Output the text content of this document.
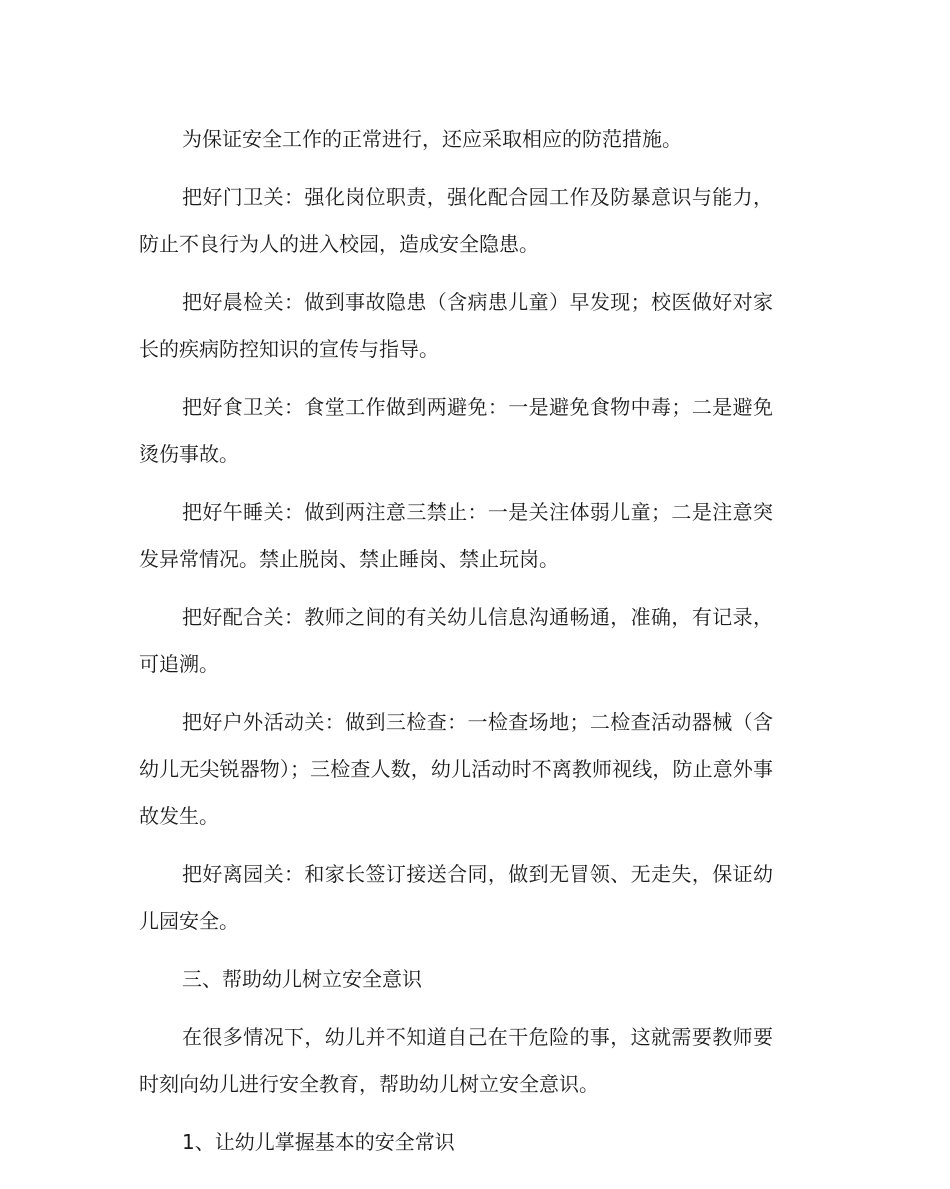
为保证安全工作的正常进行，还应采取相应的防范措施。

把好门卫关：强化岗位职责，强化配合园工作及防暴意识与能力，防止不良行为人的进入校园，造成安全隐患。

把好晨检关：做到事故隐患（含病患儿童）早发现；校医做好对家长的疾病防控知识的宣传与指导。

把好食卫关：食堂工作做到两避免：一是避免食物中毒；二是避免烫伤事故。

把好午睡关：做到两注意三禁止：一是关注体弱儿童；二是注意突发异常情况。禁止脱岗、禁止睡岗、禁止玩岗。

把好配合关：教师之间的有关幼儿信息沟通畅通，准确，有记录，可追溯。

把好户外活动关：做到三检查：一检查场地；二检查活动器械（含幼儿无尖锐器物）；三检查人数，幼儿活动时不离教师视线，防止意外事故发生。

把好离园关：和家长签订接送合同，做到无冒领、无走失，保证幼儿园安全。

三、帮助幼儿树立安全意识

在很多情况下，幼儿并不知道自己在干危险的事，这就需要教师要时刻向幼儿进行安全教育，帮助幼儿树立安全意识。

1、让幼儿掌握基本的安全常识
